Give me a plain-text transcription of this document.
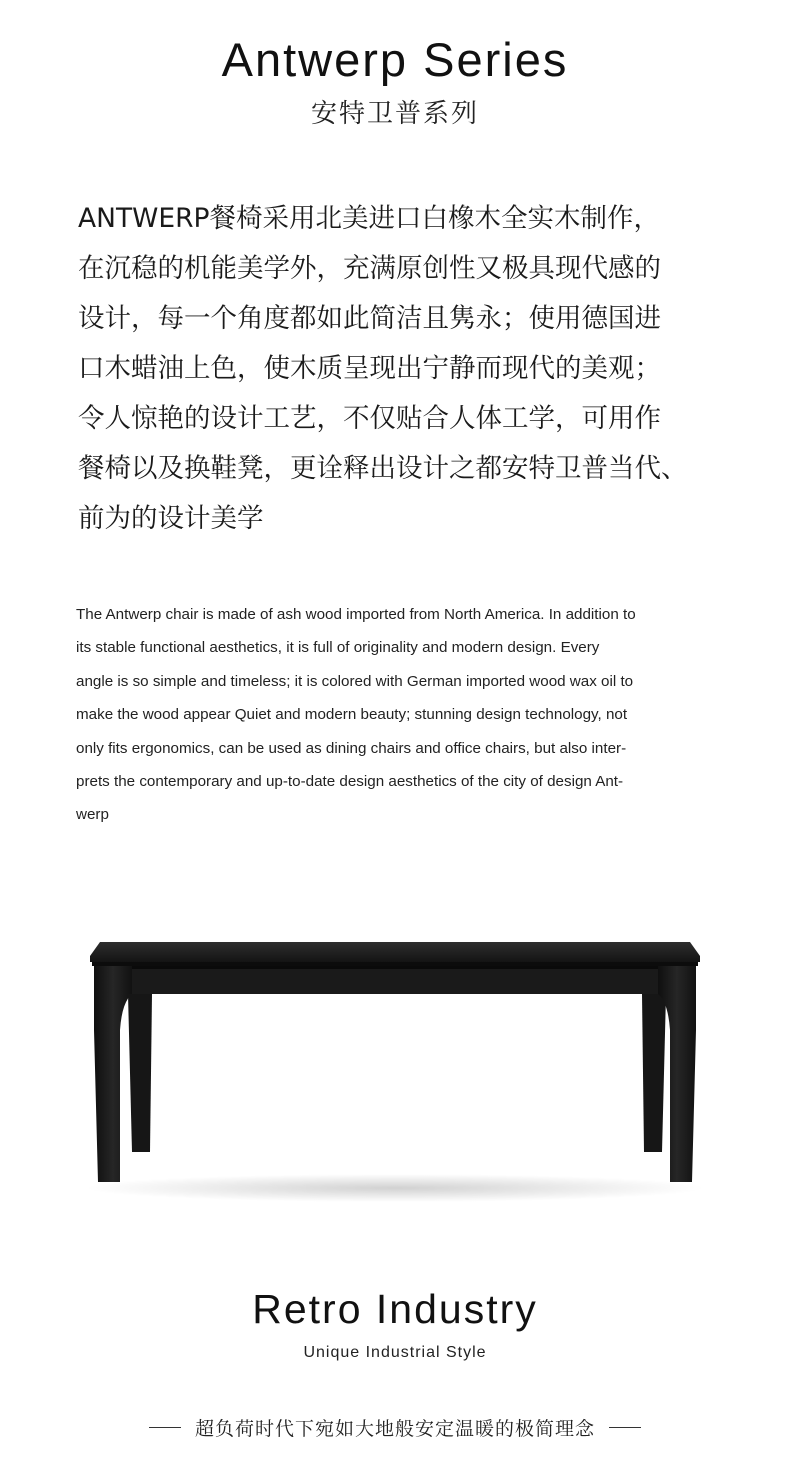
Antwerp Series
安特卫普系列
ANTWERP餐椅采用北美进口白橡木全实木制作，
在沉稳的机能美学外，充满原创性又极具现代感的
设计，每一个角度都如此简洁且隽永；使用德国进
口木蜡油上色，使木质呈现出宁静而现代的美观；
令人惊艳的设计工艺，不仅贴合人体工学，可用作
餐椅以及换鞋凳，更诠释出设计之都安特卫普当代、
前为的设计美学
The Antwerp chair is made of ash wood imported from North America. In addition to
its stable functional aesthetics, it is full of originality and modern design. Every
angle is so simple and timeless; it is colored with German imported wood wax oil to
make the wood appear Quiet and modern beauty; stunning design technology, not
only fits ergonomics, can be used as dining chairs and office chairs, but also inter-
prets the contemporary and up-to-date design aesthetics of the city of design Ant-
werp
Retro Industry
Unique Industrial Style
超负荷时代下宛如大地般安定温暖的极简理念
